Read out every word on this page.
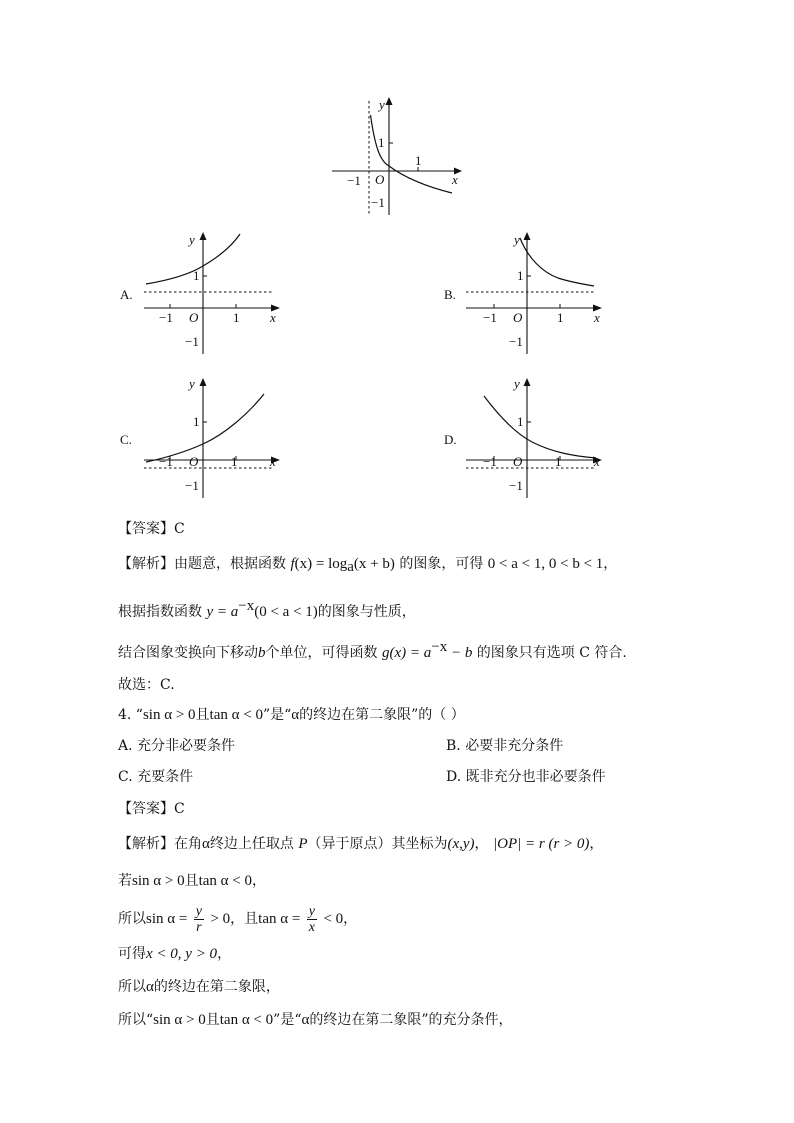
y
1
1
−1 O	x
−1
A.
y
1
−1 O	1 x
−1
B.
y
1
−1 O	1 x
−1
C.
y
1
−1 O	1	x
−1
D.
y
1
−1 O	1	x
−1
【答案】C
【解析】由题意，根据函数 $f(x) = \log_a(x + b)$ 的图象，可得 0 < a < 1, 0 < b < 1，
根据指数函数 $y = a^{-x}(0 < a < 1)$的图象与性质，
结合图象变换向下移动b个单位，可得函数 $g(x) = a^{-x} - b$ 的图象只有选项 C 符合.
故选：C.
4. “sin α > 0且tan α < 0”是“α的终边在第二象限”的（ ）
A. 充分非必要条件	B. 必要非充分条件
C. 充要条件	D. 既非充分也非必要条件
【答案】C
【解析】在角α终边上任取点 P（异于原点）其坐标为(x,y)， |OP| = r (r > 0)，
若sin α > 0且tan α < 0，
所以$\sin \alpha = \frac{y}{r} > 0$，且$\tan \alpha = \frac{y}{x} < 0$，
可得x < 0, y > 0，
所以α的终边在第二象限，
所以“sin α > 0且tan α < 0”是“α的终边在第二象限”的充分条件，
